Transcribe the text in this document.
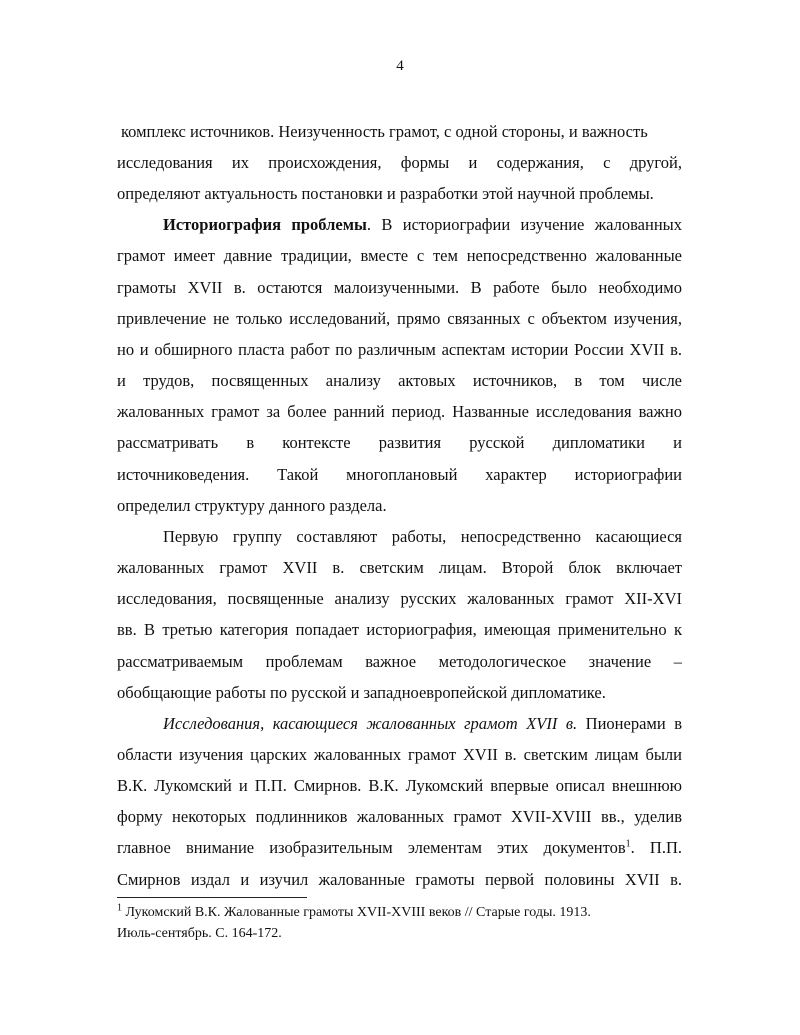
4
комплекс источников. Неизученность грамот, с одной стороны, и важность
исследования их происхождения, формы и содержания, с другой,
определяют актуальность постановки и разработки этой научной проблемы.
Историография проблемы. В историографии изучение жалованных
грамот имеет давние традиции, вместе с тем непосредственно жалованные
грамоты XVII в. остаются малоизученными. В работе было необходимо
привлечение не только исследований, прямо связанных с объектом изучения,
но и обширного пласта работ по различным аспектам истории России XVII в.
и трудов, посвященных анализу актовых источников, в том числе
жалованных грамот за более ранний период. Названные исследования важно
рассматривать в контексте развития русской дипломатики и
источниковедения. Такой многоплановый характер историографии
определил структуру данного раздела.
Первую группу составляют работы, непосредственно касающиеся
жалованных грамот XVII в. светским лицам. Второй блок включает
исследования, посвященные анализу русских жалованных грамот XII-XVI
вв. В третью категория попадает историография, имеющая применительно к
рассматриваемым проблемам важное методологическое значение –
обобщающие работы по русской и западноевропейской дипломатике.
Исследования, касающиеся жалованных грамот XVII в. Пионерами в
области изучения царских жалованных грамот XVII в. светским лицам были
В.К. Лукомский и П.П. Смирнов. В.К. Лукомский впервые описал внешнюю
форму некоторых подлинников жалованных грамот XVII-XVIII вв., уделив
главное внимание изобразительным элементам этих документов$^1$. П.П.
Смирнов издал и изучил жалованные грамоты первой половины XVII в.
$^1$ Лукомский В.К. Жалованные грамоты XVII-XVIII веков // Старые годы. 1913.
Июль-сентябрь. С. 164-172.
